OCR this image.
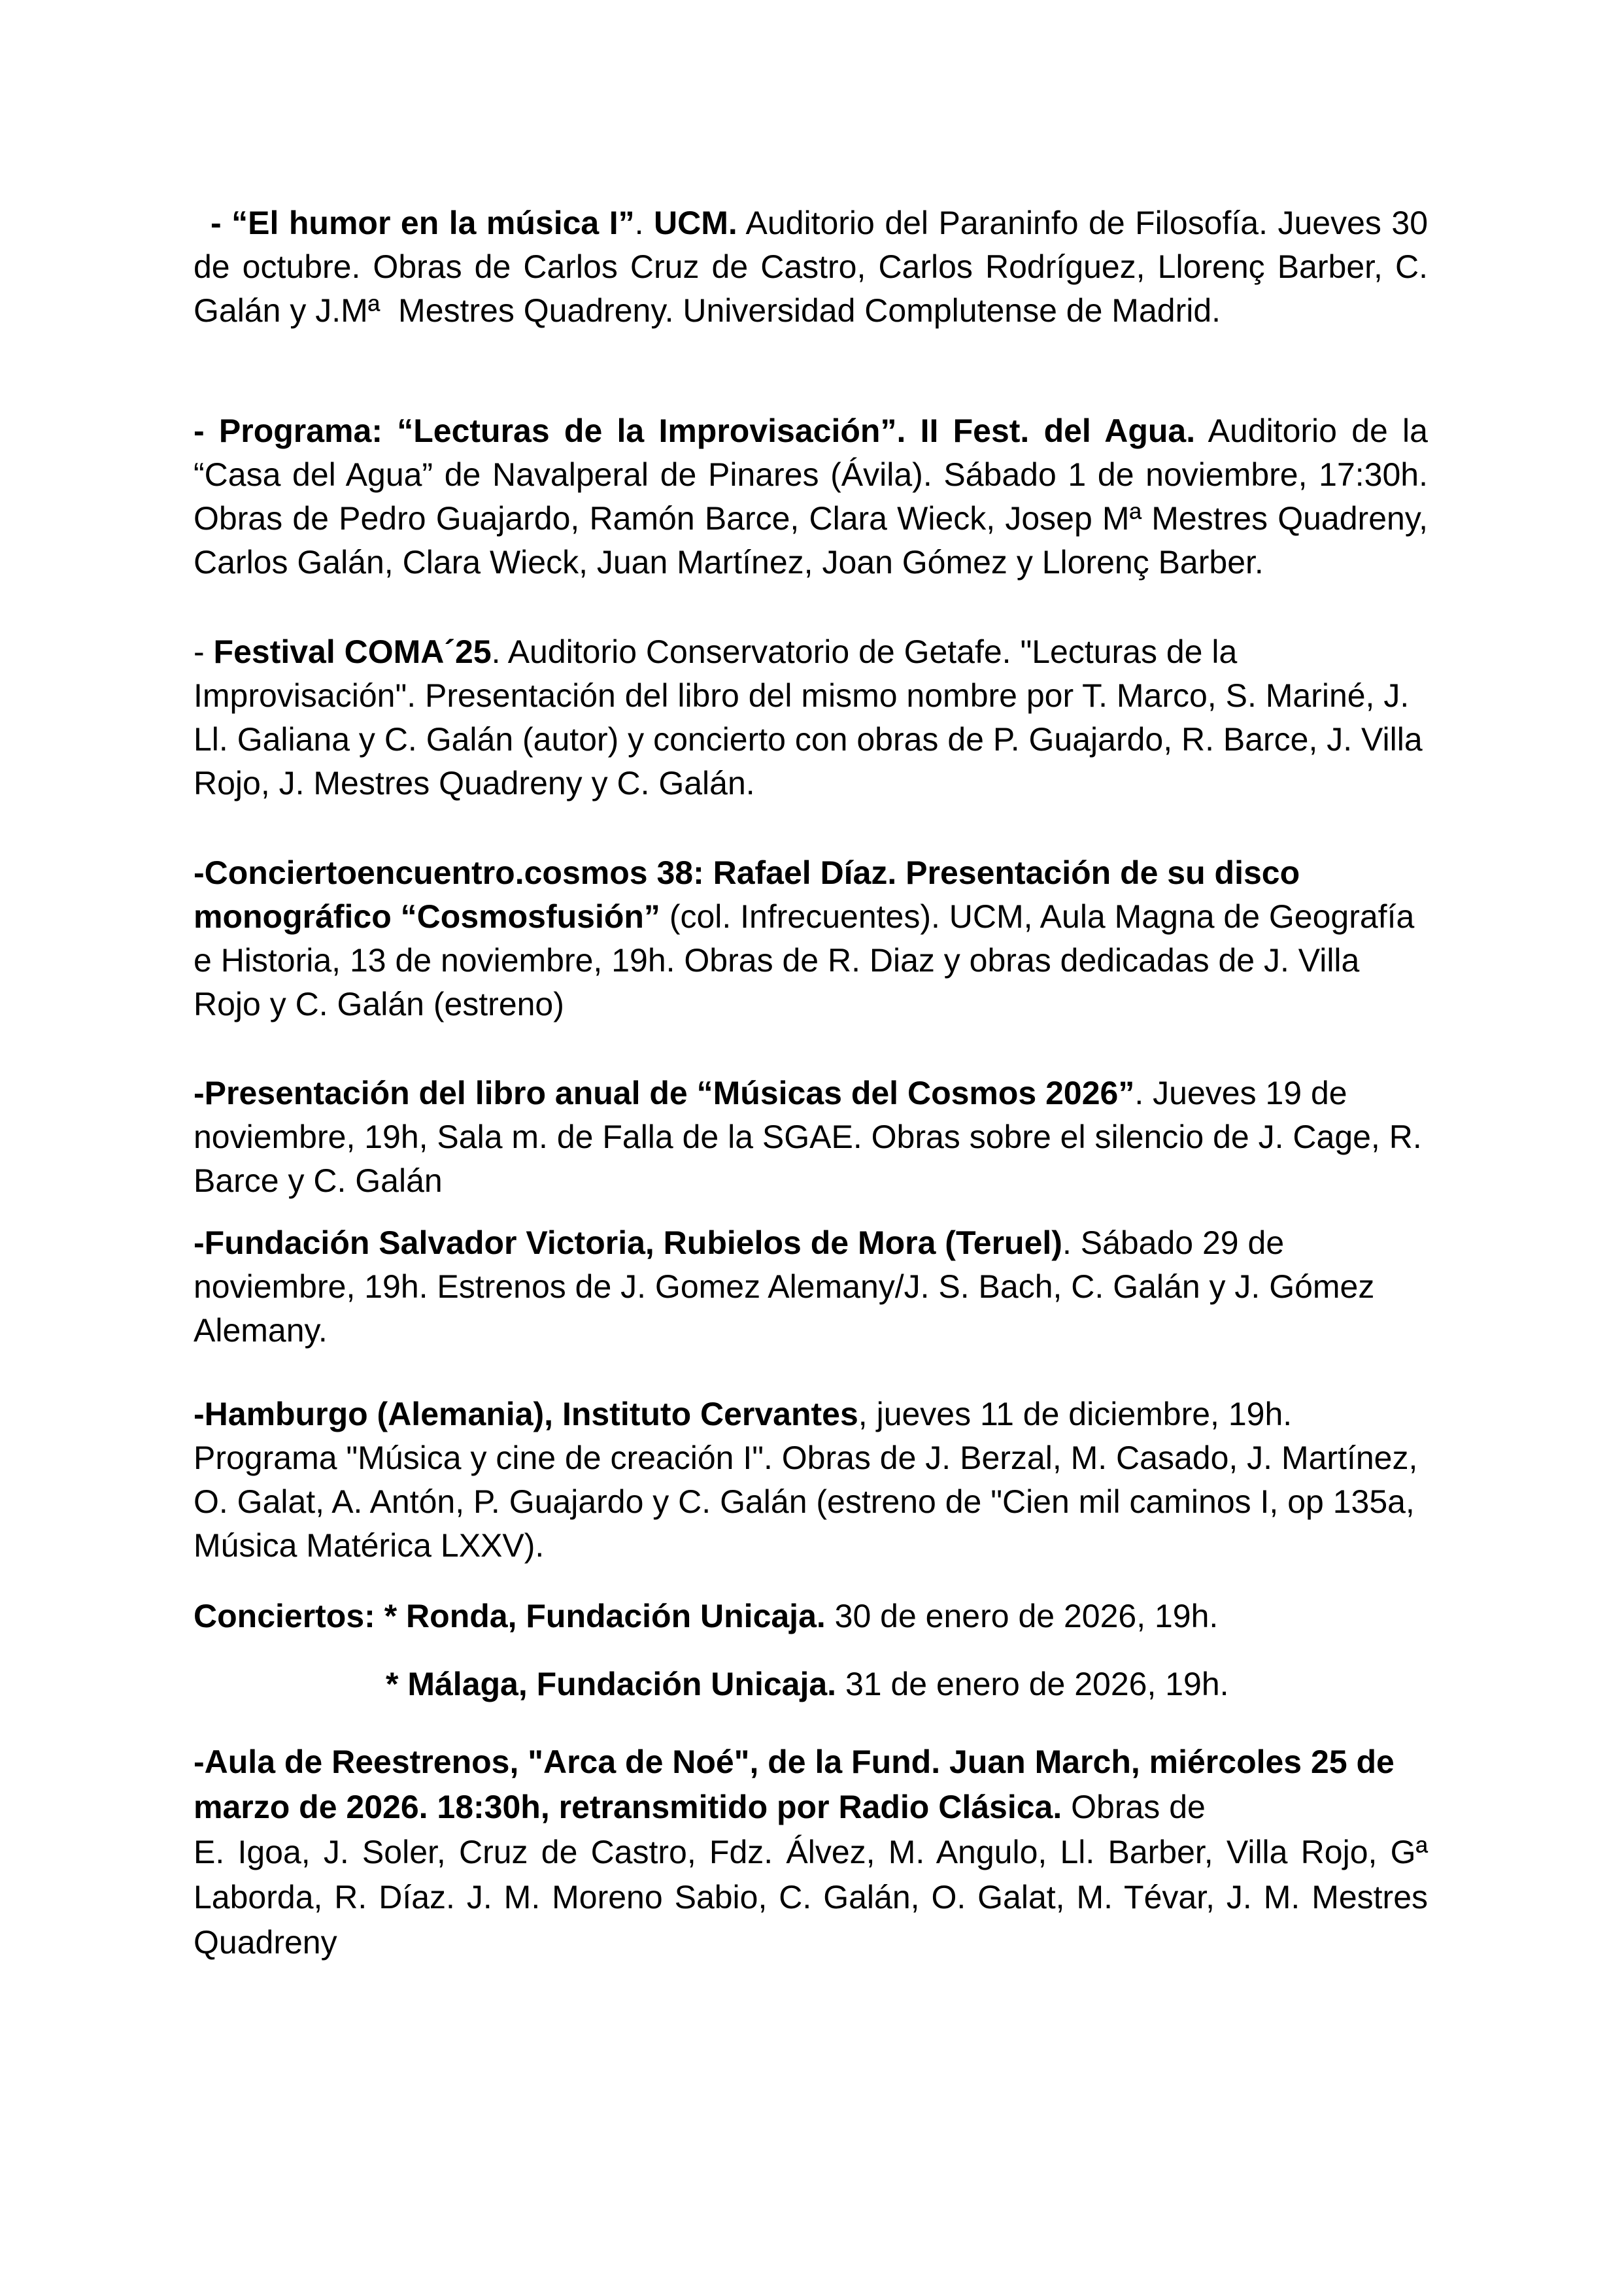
- “El humor en la música I”. UCM. Auditorio del Paraninfo de Filosofía. Jueves 30
de octubre. Obras de Carlos Cruz de Castro, Carlos Rodríguez, Llorenç Barber, C.
Galán y J.Mª  Mestres Quadreny. Universidad Complutense de Madrid.
- Programa: “Lecturas de la Improvisación”. II Fest. del Agua. Auditorio de la
“Casa del Agua” de Navalperal de Pinares (Ávila). Sábado 1 de noviembre, 17:30h.
Obras de Pedro Guajardo, Ramón Barce, Clara Wieck, Josep Mª Mestres Quadreny,
Carlos Galán, Clara Wieck, Juan Martínez, Joan Gómez y Llorenç Barber.
- Festival COMA´25. Auditorio Conservatorio de Getafe. "Lecturas de la
Improvisación". Presentación del libro del mismo nombre por T. Marco, S. Mariné, J.
Ll. Galiana y C. Galán (autor) y concierto con obras de P. Guajardo, R. Barce, J. Villa
Rojo, J. Mestres Quadreny y C. Galán.
-Conciertoencuentro.cosmos 38: Rafael Díaz. Presentación de su disco
monográfico “Cosmosfusión” (col. Infrecuentes). UCM, Aula Magna de Geografía
e Historia, 13 de noviembre, 19h. Obras de R. Diaz y obras dedicadas de J. Villa
Rojo y C. Galán (estreno)
-Presentación del libro anual de “Músicas del Cosmos 2026”. Jueves 19 de
noviembre, 19h, Sala m. de Falla de la SGAE. Obras sobre el silencio de J. Cage, R.
Barce y C. Galán
-Fundación Salvador Victoria, Rubielos de Mora (Teruel). Sábado 29 de
noviembre, 19h. Estrenos de J. Gomez Alemany/J. S. Bach, C. Galán y J. Gómez
Alemany.
-Hamburgo (Alemania), Instituto Cervantes, jueves 11 de diciembre, 19h.
Programa "Música y cine de creación I". Obras de J. Berzal, M. Casado, J. Martínez,
O. Galat, A. Antón, P. Guajardo y C. Galán (estreno de "Cien mil caminos I, op 135a,
Música Matérica LXXV).
Conciertos: * Ronda, Fundación Unicaja. 30 de enero de 2026, 19h.
* Málaga, Fundación Unicaja. 31 de enero de 2026, 19h.
-Aula de Reestrenos, "Arca de Noé", de la Fund. Juan March, miércoles 25 de
marzo de 2026. 18:30h, retransmitido por Radio Clásica. Obras de
E. Igoa, J. Soler, Cruz de Castro, Fdz. Álvez, M. Angulo, Ll. Barber, Villa Rojo, Gª
Laborda, R. Díaz. J. M. Moreno Sabio, C. Galán, O. Galat, M. Tévar, J. M. Mestres
Quadreny
